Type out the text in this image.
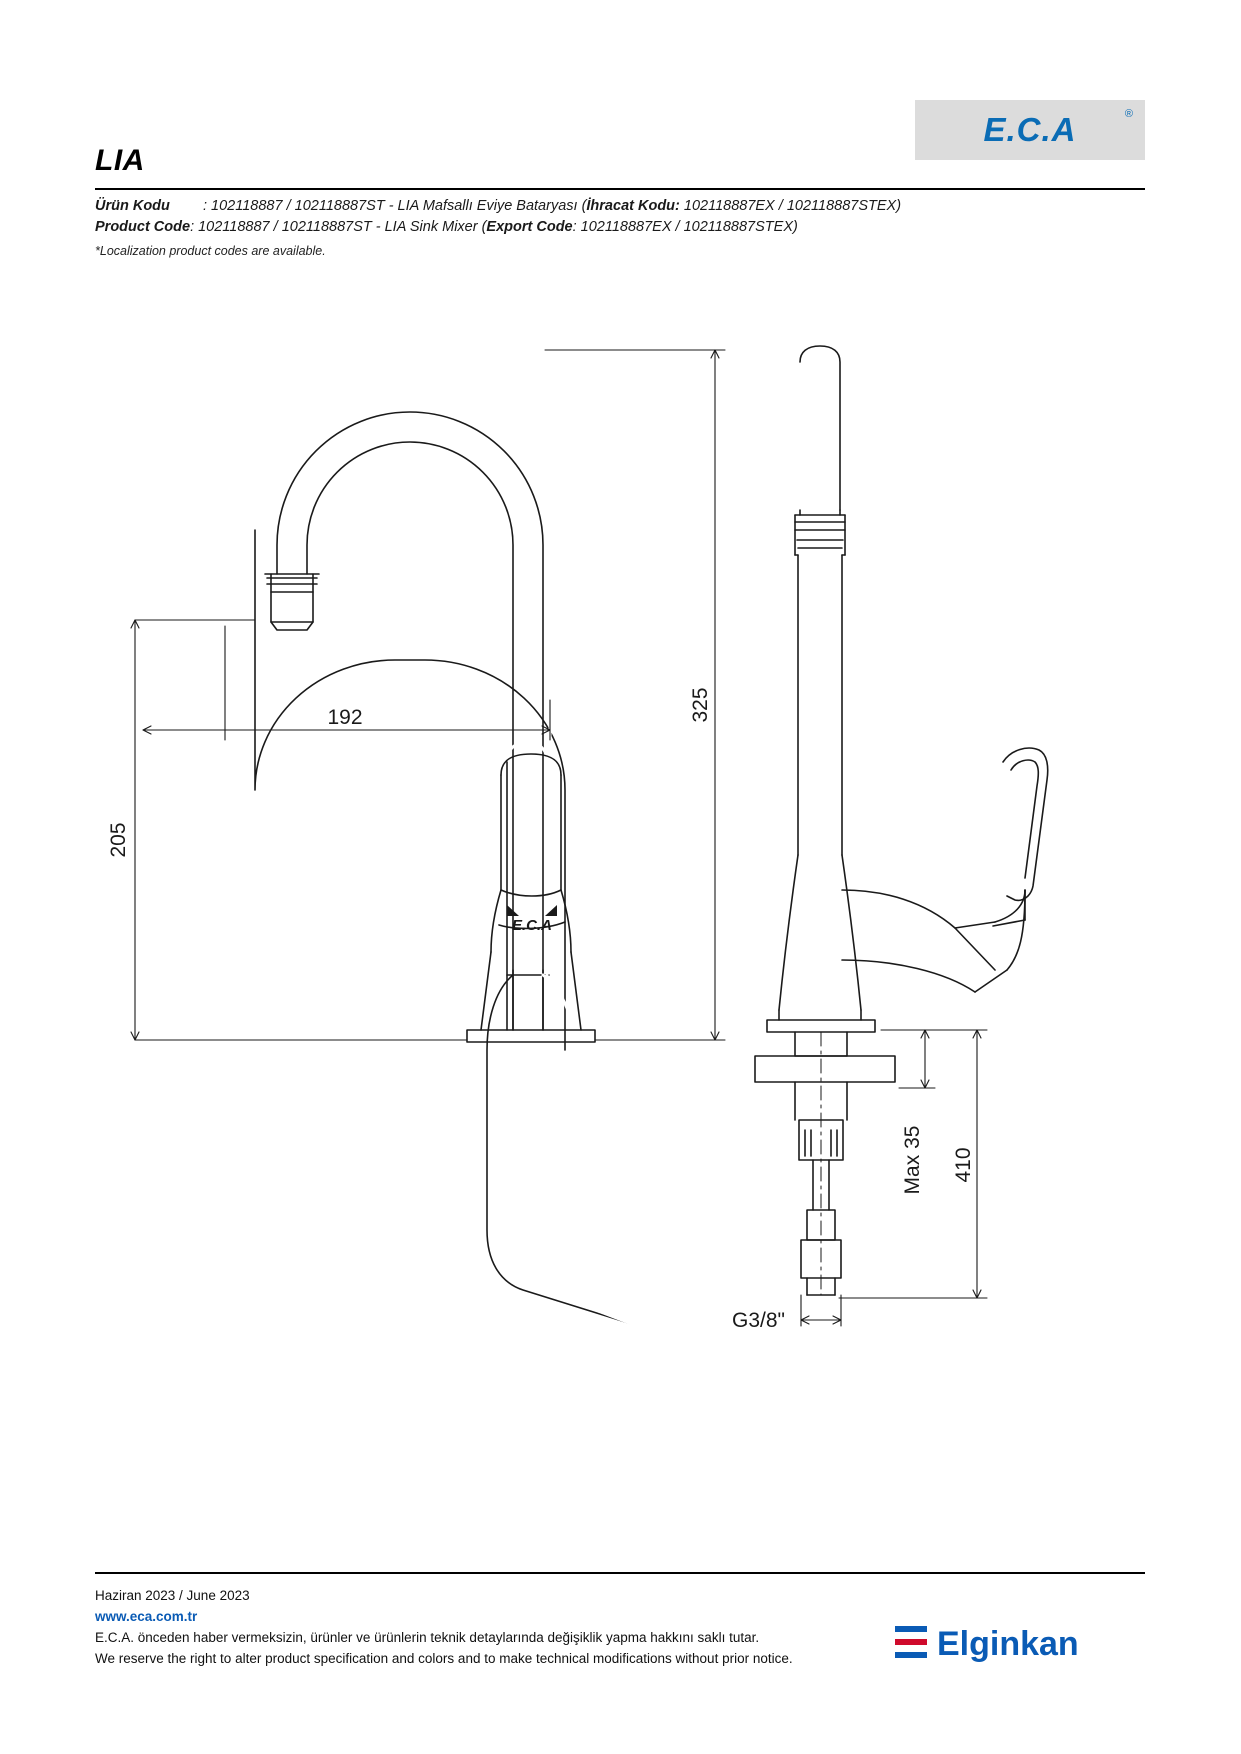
LIA
E.C.A	®
Ürün Kodu : 102118887 / 102118887ST - LIA Mafsallı Eviye Bataryası (İhracat Kodu: 102118887EX / 102118887STEX)
Product Code: 102118887 / 102118887ST - LIA Sink Mixer (Export Code: 102118887EX / 102118887STEX)
*Localization product codes are available.
E.C.A
192
205
325
Max 35 410
G3/8"
Haziran 2023 / June 2023
www.eca.com.tr
E.C.A. önceden haber vermeksizin, ürünler ve ürünlerin teknik detaylarında değişiklik yapma hakkını saklı tutar.
We reserve the right to alter product specification and colors and to make technical modifications without prior notice.	Elginkan
